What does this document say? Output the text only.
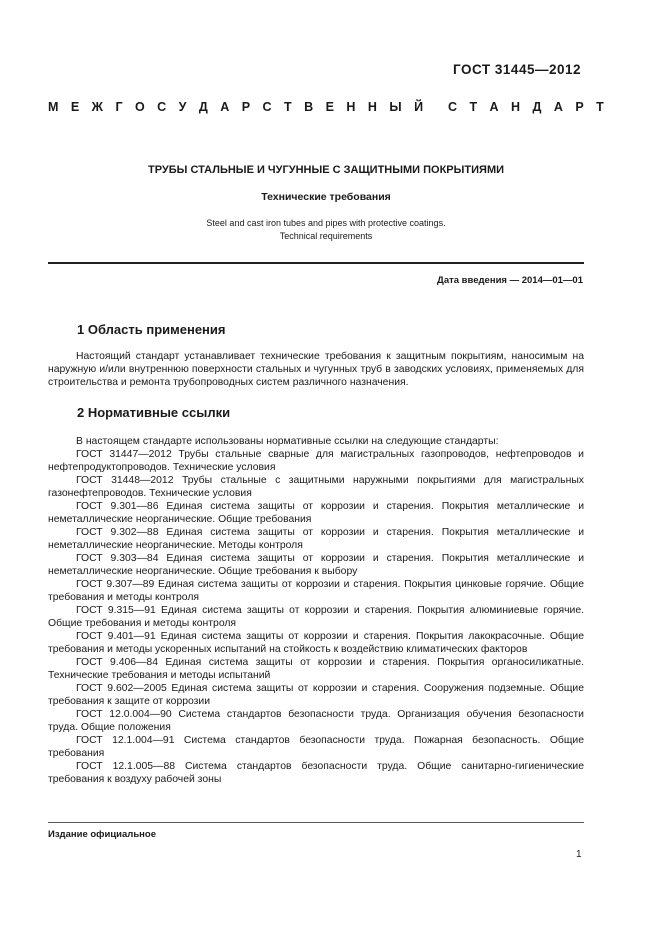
ГОСТ 31445—2012
М Е Ж Г О С У Д А Р С Т В Е Н Н Ы Й С Т А Н Д А Р Т
ТРУБЫ СТАЛЬНЫЕ И ЧУГУННЫЕ С ЗАЩИТНЫМИ ПОКРЫТИЯМИ
Технические требования
Steel and cast iron tubes and pipes with protective coatings.
Technical requirements
Дата введения — 2014—01—01
1 Область применения

Настоящий стандарт устанавливает технические требования к защитным покрытиям, наносимым на наружную и/или внутреннюю поверхности стальных и чугунных труб в заводских условиях, применяемых для строительства и ремонта трубопроводных систем различного назначения.

2 Нормативные ссылки

В настоящем стандарте использованы нормативные ссылки на следующие стандарты:

ГОСТ 31447—2012 Трубы стальные сварные для магистральных газопроводов, нефтепроводов и нефтепродуктопроводов. Технические условия

ГОСТ 31448—2012 Трубы стальные с защитными наружными покрытиями для магистральных газонефтепроводов. Технические условия

ГОСТ 9.301—86 Единая система защиты от коррозии и старения. Покрытия металлические и неметаллические неорганические. Общие требования

ГОСТ 9.302—88 Единая система защиты от коррозии и старения. Покрытия металлические и неметаллические неорганические. Методы контроля

ГОСТ 9.303—84 Единая система защиты от коррозии и старения. Покрытия металлические и неметаллические неорганические. Общие требования к выбору

ГОСТ 9.307—89 Единая система защиты от коррозии и старения. Покрытия цинковые горячие. Общие требования и методы контроля

ГОСТ 9.315—91 Единая система защиты от коррозии и старения. Покрытия алюминиевые горячие. Общие требования и методы контроля

ГОСТ 9.401—91 Единая система защиты от коррозии и старения. Покрытия лакокрасочные. Общие требования и методы ускоренных испытаний на стойкость к воздействию климатических факторов

ГОСТ 9.406—84 Единая система защиты от коррозии и старения. Покрытия органосиликатные. Технические требования и методы испытаний

ГОСТ 9.602—2005 Единая система защиты от коррозии и старения. Сооружения подземные. Общие требования к защите от коррозии

ГОСТ 12.0.004—90 Система стандартов безопасности труда. Организация обучения безопасности труда. Общие положения

ГОСТ 12.1.004—91 Система стандартов безопасности труда. Пожарная безопасность. Общие требования

ГОСТ 12.1.005—88 Система стандартов безопасности труда. Общие санитарно-гигиенические требования к воздуху рабочей зоны

Издание официальное
1
